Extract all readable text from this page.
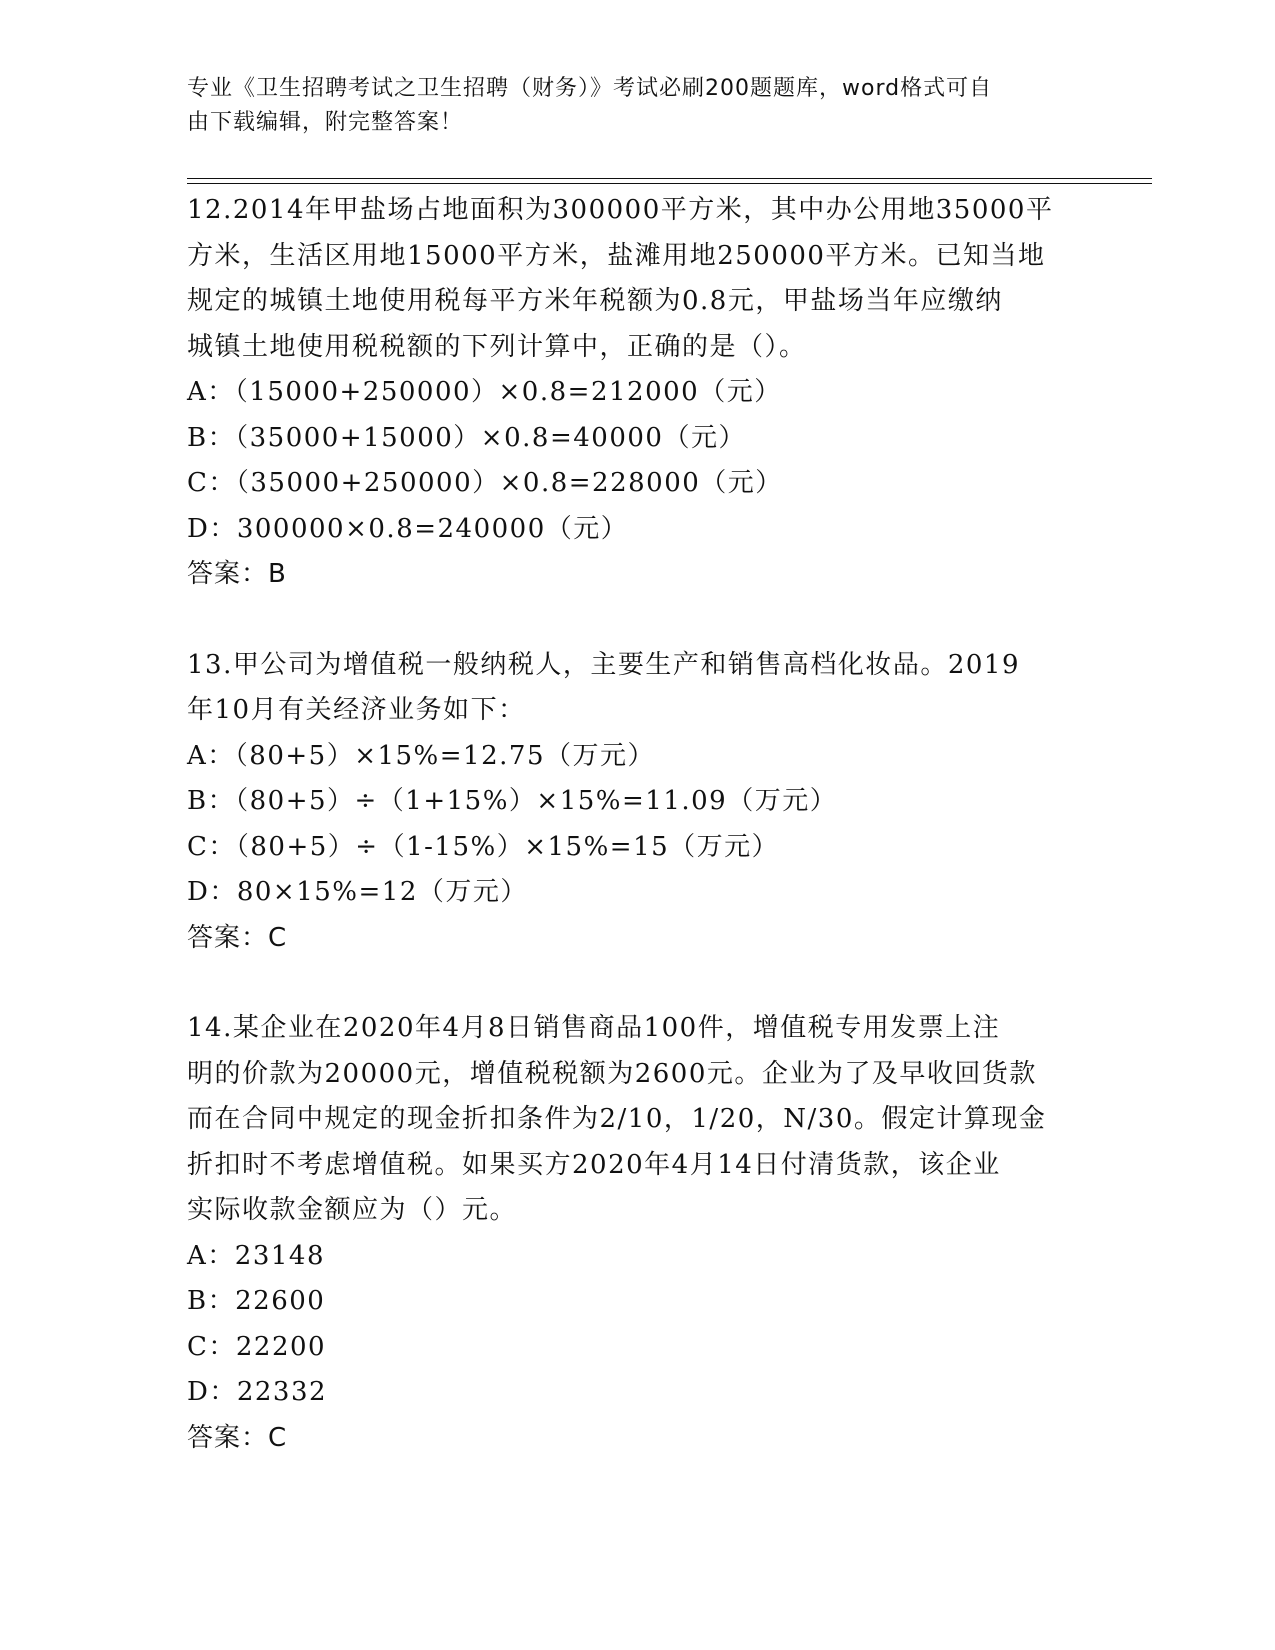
专业《卫生招聘考试之卫生招聘（财务）》考试必刷200题题库，word格式可自
由下载编辑，附完整答案！

12.2014年甲盐场占地面积为300000平方米，其中办公用地35000平

方米，生活区用地15000平方米，盐滩用地250000平方米。已知当地

规定的城镇土地使用税每平方米年税额为0.8元，甲盐场当年应缴纳

城镇土地使用税税额的下列计算中，正确的是（）。

A：（15000+250000）×0.8=212000（元）

B：（35000+15000）×0.8=40000（元）

C：（35000+250000）×0.8=228000（元）

D：300000×0.8=240000（元）

答案：B

13.甲公司为增值税一般纳税人，主要生产和销售高档化妆品。2019

年10月有关经济业务如下：

A：（80+5）×15%=12.75（万元）

B：（80+5）÷（1+15%）×15%=11.09（万元）

C：（80+5）÷（1-15%）×15%=15（万元）

D：80×15%=12（万元）

答案：C

14.某企业在2020年4月8日销售商品100件，增值税专用发票上注

明的价款为20000元，增值税税额为2600元。企业为了及早收回货款

而在合同中规定的现金折扣条件为2/10，1/20，N/30。假定计算现金

折扣时不考虑增值税。如果买方2020年4月14日付清货款，该企业

实际收款金额应为（）元。

A：23148

B：22600

C：22200

D：22332

答案：C
